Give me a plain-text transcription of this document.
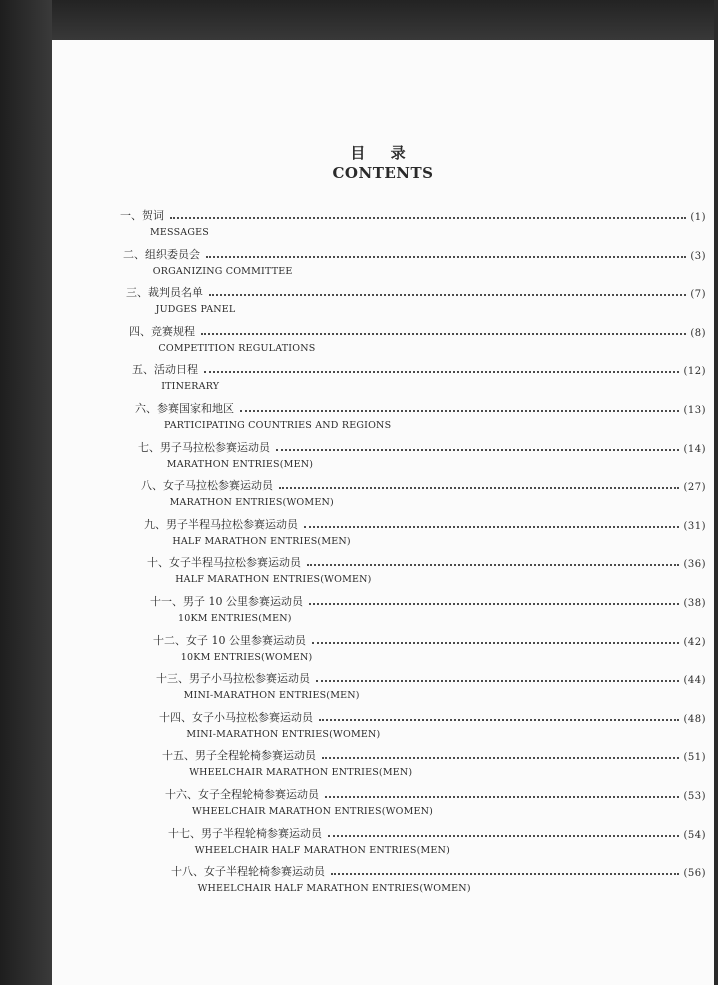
目 录
CONTENTS
一、贺词	(1)
MESSAGES
二、组织委员会	(3)
ORGANIZING COMMITTEE
三、裁判员名单	(7)
JUDGES PANEL
四、竞赛规程	(8)
COMPETITION REGULATIONS
五、活动日程	(12)
ITINERARY
六、参赛国家和地区	(13)
PARTICIPATING COUNTRIES AND REGIONS
七、男子马拉松参赛运动员	(14)
MARATHON ENTRIES(MEN)
八、女子马拉松参赛运动员	(27)
MARATHON ENTRIES(WOMEN)
九、男子半程马拉松参赛运动员	(31)
HALF MARATHON ENTRIES(MEN)
十、女子半程马拉松参赛运动员	(36)
HALF MARATHON ENTRIES(WOMEN)
十一、男子 10 公里参赛运动员	(38)
10KM ENTRIES(MEN)
十二、女子 10 公里参赛运动员	(42)
10KM ENTRIES(WOMEN)
十三、男子小马拉松参赛运动员	(44)
MINI-MARATHON ENTRIES(MEN)
十四、女子小马拉松参赛运动员	(48)
MINI-MARATHON ENTRIES(WOMEN)
十五、男子全程轮椅参赛运动员	(51)
WHEELCHAIR MARATHON ENTRIES(MEN)
十六、女子全程轮椅参赛运动员	(53)
WHEELCHAIR MARATHON ENTRIES(WOMEN)
十七、男子半程轮椅参赛运动员	(54)
WHEELCHAIR HALF MARATHON ENTRIES(MEN)
十八、女子半程轮椅参赛运动员	(56)
WHEELCHAIR HALF MARATHON ENTRIES(WOMEN)
